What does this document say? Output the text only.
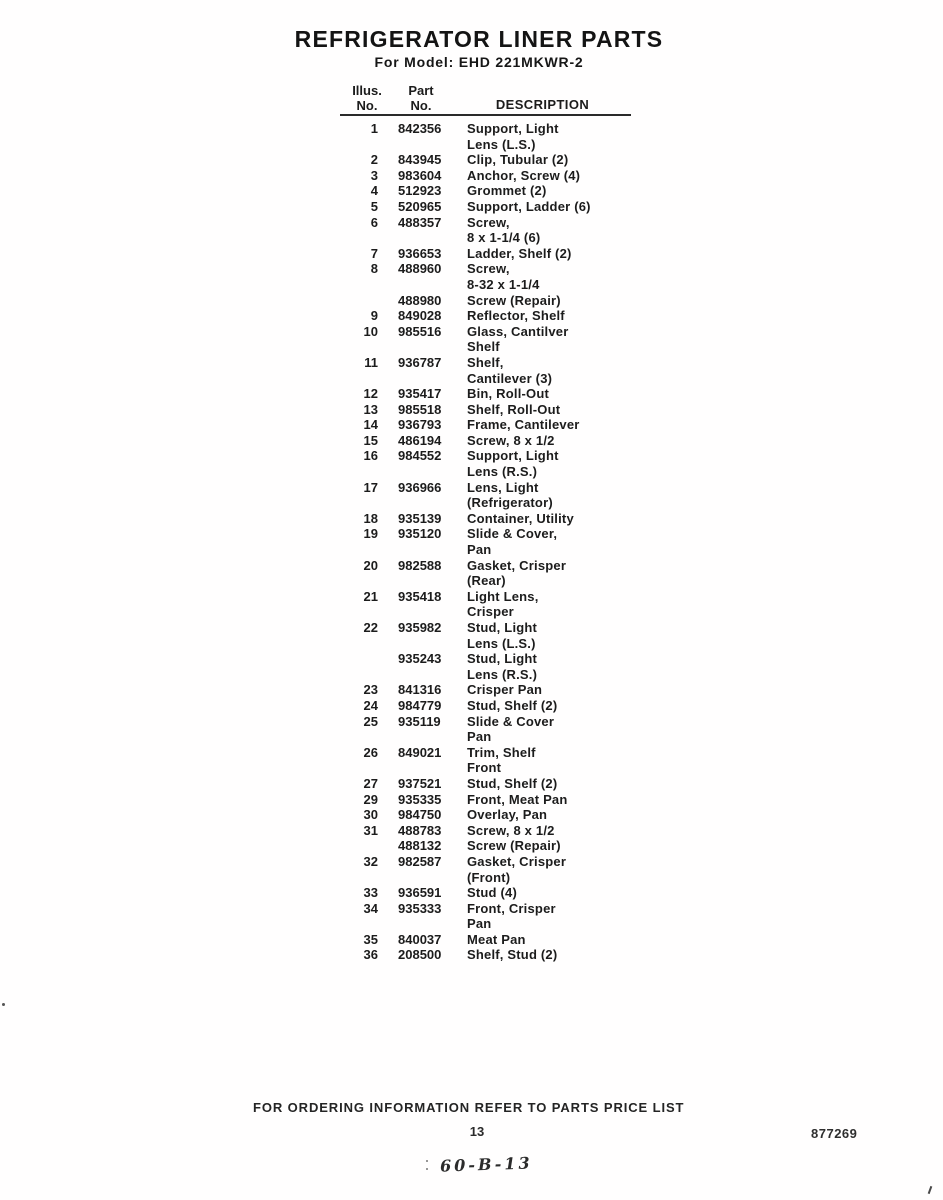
REFRIGERATOR LINER PARTS
For Model: EHD 221MKWR-2
Illus.
No.
Part
No.	DESCRIPTION
1 842356	Support, Light
Lens (L.S.)
2 843945	Clip, Tubular (2)
3 983604	Anchor, Screw (4)
4 512923	Grommet (2)
5 520965	Support, Ladder (6)
6 488357	Screw,
8 x 1-1/4 (6)
7 936653	Ladder, Shelf (2)
8 488960	Screw,
8-32 x 1-1/4
488980	Screw (Repair)
9 849028	Reflector, Shelf
10 985516	Glass, Cantilver
Shelf
11 936787	Shelf,
Cantilever (3)
12 935417	Bin, Roll-Out
13 985518	Shelf, Roll-Out
14 936793	Frame, Cantilever
15 486194	Screw, 8 x 1/2
16 984552	Support, Light
Lens (R.S.)
17 936966	Lens, Light
(Refrigerator)
18 935139	Container, Utility
19 935120	Slide & Cover,
Pan
20 982588	Gasket, Crisper
(Rear)
21 935418	Light Lens,
Crisper
22 935982	Stud, Light
Lens (L.S.)
935243	Stud, Light
Lens (R.S.)
23 841316	Crisper Pan
24 984779	Stud, Shelf (2)
25 935119	Slide & Cover
Pan
26 849021	Trim, Shelf
Front
27 937521	Stud, Shelf (2)
29 935335	Front, Meat Pan
30 984750	Overlay, Pan
31 488783	Screw, 8 x 1/2
488132	Screw (Repair)
32 982587	Gasket, Crisper
(Front)
33 936591	Stud (4)
34 935333	Front, Crisper
Pan
35 840037	Meat Pan
36 208500	Shelf, Stud (2)
FOR ORDERING INFORMATION REFER TO PARTS PRICE LIST
13	877269
60-B-13
